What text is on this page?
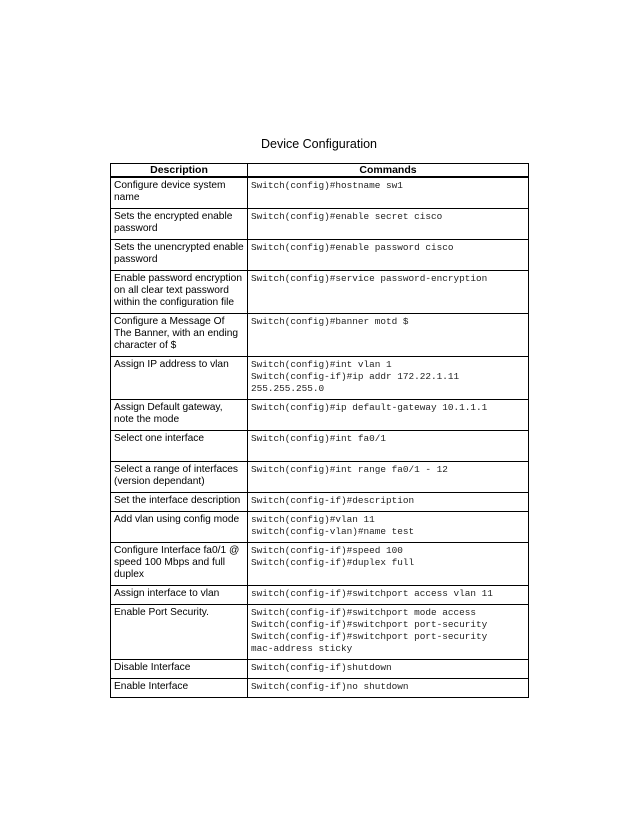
Device Configuration
Description	Commands
Configure device system name	Switch(config)#hostname sw1

Sets the encrypted enable password	Switch(config)#enable secret cisco

Sets the unencrypted enable password	Switch(config)#enable password cisco

Enable password encryption on all clear text password within the configuration file	Switch(config)#service password-encryption

Configure a Message Of The Banner, with an ending character of $	Switch(config)#banner motd $

Assign IP address to vlan	Switch(config)#int vlan 1
Switch(config-if)#ip addr 172.22.1.11
255.255.255.0

Assign Default gateway, note the mode	Switch(config)#ip default-gateway 10.1.1.1

Select one interface	Switch(config)#int fa0/1

Select a range of interfaces (version dependant)	Switch(config)#int range fa0/1 - 12

Set the interface description	Switch(config-if)#description

Add vlan using config mode	switch(config)#vlan 11
switch(config-vlan)#name test

Configure Interface fa0/1 @ speed 100 Mbps and full duplex	Switch(config-if)#speed 100
Switch(config-if)#duplex full

Assign interface to vlan	switch(config-if)#switchport access vlan 11

Enable Port Security.	Switch(config-if)#switchport mode access
Switch(config-if)#switchport port-security
Switch(config-if)#switchport port-security
mac-address sticky

Disable Interface	Switch(config-if)shutdown

Enable Interface	Switch(config-if)no shutdown
